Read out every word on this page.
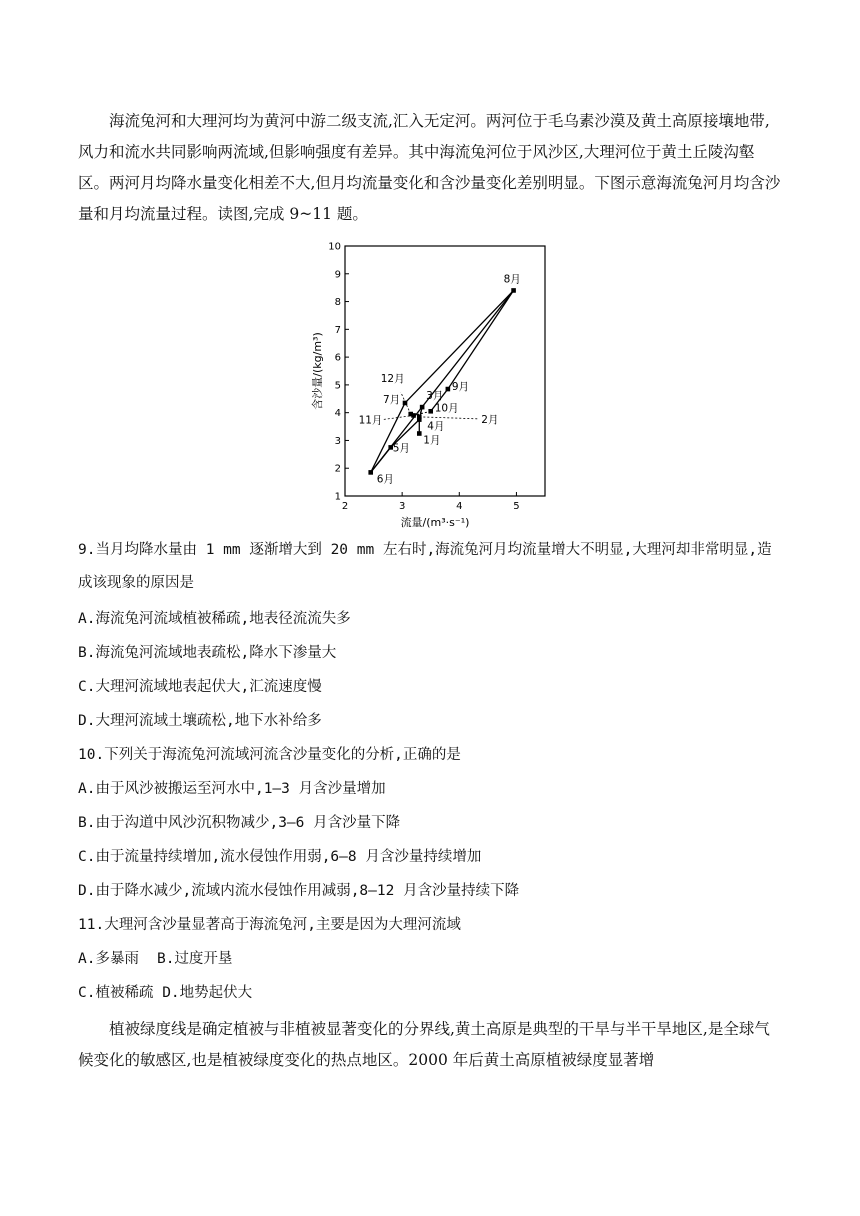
海流兔河和大理河均为黄河中游二级支流,汇入无定河。两河位于毛乌素沙漠及黄土高原接壤地带,风力和流水共同影响两流域,但影响强度有差异。其中海流兔河位于风沙区,大理河位于黄土丘陵沟壑区。两河月均降水量变化相差不大,但月均流量变化和含沙量变化差别明显。下图示意海流兔河月均含沙量和月均流量过程。读图,完成 9~11 题。

2	3	4	5
1
2
3
4
5
6
7
8
9
10
流量/(m³·s⁻¹)
含沙量/(kg/m³)
1月
2月
3月
4月
5月
6月
7月
8月
9月
10月
11月
12月

9.当月均降水量由 1 mm 逐渐增大到 20 mm 左右时,海流兔河月均流量增大不明显,大理河却非常明显,造成该现象的原因是

A.海流兔河流域植被稀疏,地表径流流失多

B.海流兔河流域地表疏松,降水下渗量大

C.大理河流域地表起伏大,汇流速度慢

D.大理河流域土壤疏松,地下水补给多

10.下列关于海流兔河流域河流含沙量变化的分析,正确的是

A.由于风沙被搬运至河水中,1—3 月含沙量增加

B.由于沟道中风沙沉积物减少,3—6 月含沙量下降

C.由于流量持续增加,流水侵蚀作用弱,6—8 月含沙量持续增加

D.由于降水减少,流域内流水侵蚀作用减弱,8—12 月含沙量持续下降

11.大理河含沙量显著高于海流兔河,主要是因为大理河流域

A.多暴雨 B.过度开垦

C.植被稀疏 D.地势起伏大

植被绿度线是确定植被与非植被显著变化的分界线,黄土高原是典型的干旱与半干旱地区,是全球气候变化的敏感区,也是植被绿度变化的热点地区。2000 年后黄土高原植被绿度显著增
